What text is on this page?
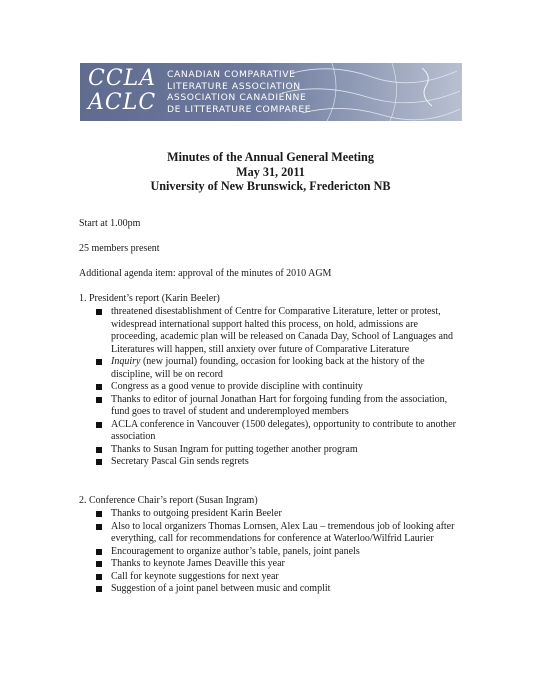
CCLA
ACLC
CANADIAN COMPARATIVE
LITERATURE ASSOCIATION
ASSOCIATION CANADIENNE
DE LITTERATURE COMPAREE
Minutes of the Annual General Meeting
May 31, 2011
University of New Brunswick, Fredericton NB
Start at 1.00pm
25 members present
Additional agenda item: approval of the minutes of 2010 AGM
1. President’s report (Karin Beeler)
threatened disestablishment of Centre for Comparative Literature, letter or protest, widespread international support halted this process, on hold, admissions are proceeding, academic plan will be released on Canada Day, School of Languages and Literatures will happen, still anxiety over future of Comparative Literature
Inquiry (new journal) founding, occasion for looking back at the history of the discipline, will be on record
Congress as a good venue to provide discipline with continuity
Thanks to editor of journal Jonathan Hart for forgoing funding from the association, fund goes to travel of student and underemployed members
ACLA conference in Vancouver (1500 delegates), opportunity to contribute to another association
Thanks to Susan Ingram for putting together another program
Secretary Pascal Gin sends regrets
2. Conference Chair’s report (Susan Ingram)
Thanks to outgoing president Karin Beeler
Also to local organizers Thomas Lornsen, Alex Lau – tremendous job of looking after everything, call for recommendations for conference at Waterloo/Wilfrid Laurier
Encouragement to organize author’s table, panels, joint panels
Thanks to keynote James Deaville this year
Call for keynote suggestions for next year
Suggestion of a joint panel between music and complit
